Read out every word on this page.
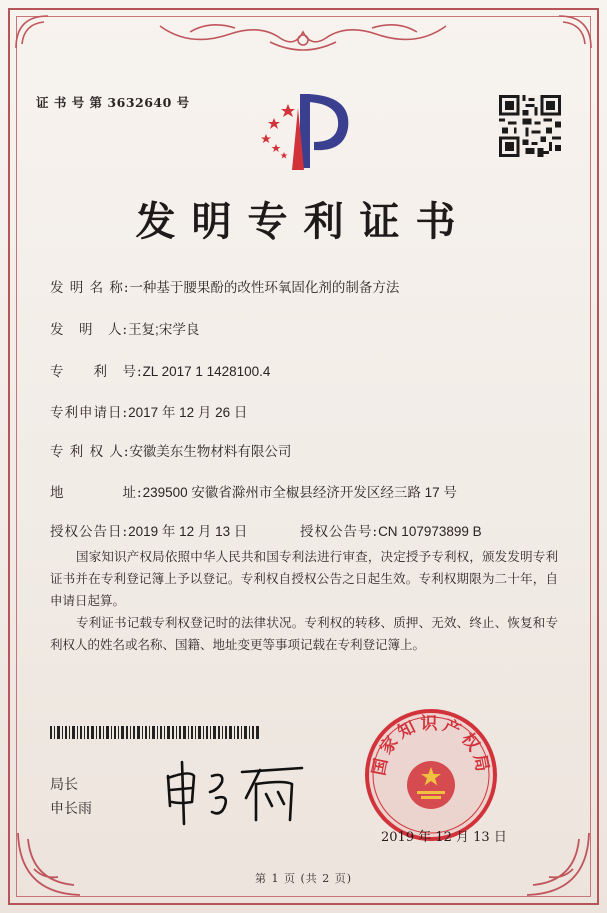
证 书 号 第 3632640 号
发明专利证书
发 明 名 称:一种基于腰果酚的改性环氧固化剂的制备方法
发　明　人:王复;宋学良
专　　利　号:ZL 2017 1 1428100.4
专利申请日:2017 年 12 月 26 日
专 利 权 人:安徽美东生物材料有限公司
地　　　　址:239500 安徽省滁州市全椒县经济开发区经三路 17 号
授权公告日:2019 年 12 月 13 日	授权公告号:CN 107973899 B
国家知识产权局依照中华人民共和国专利法进行审查，决定授予专利权，颁发发明专利证书并在专利登记簿上予以登记。专利权自授权公告之日起生效。专利权期限为二十年，自申请日起算。
专利证书记载专利权登记时的法律状况。专利权的转移、质押、无效、终止、恢复和专利权人的姓名或名称、国籍、地址变更等事项记载在专利登记簿上。
局长
申长雨
国家知识产权局
2019 年 12 月 13 日
第 1 页 (共 2 页)
